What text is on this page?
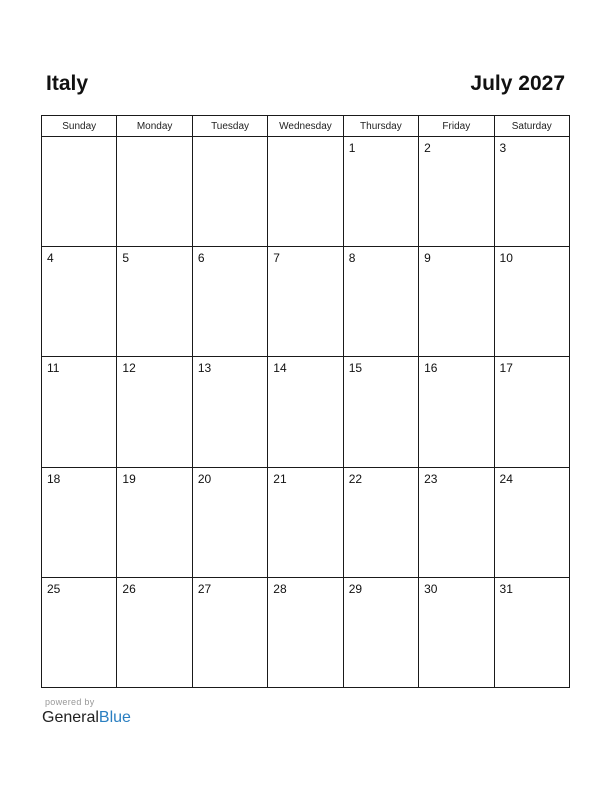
Italy	July 2027
Sunday	Monday	Tuesday	Wednesday	Thursday	Friday	Saturday

				1	2	3

4	5	6	7	8	9	10

11	12	13	14	15	16	17

18	19	20	21	22	23	24

25	26	27	28	29	30	31
powered by
GeneralBlue
